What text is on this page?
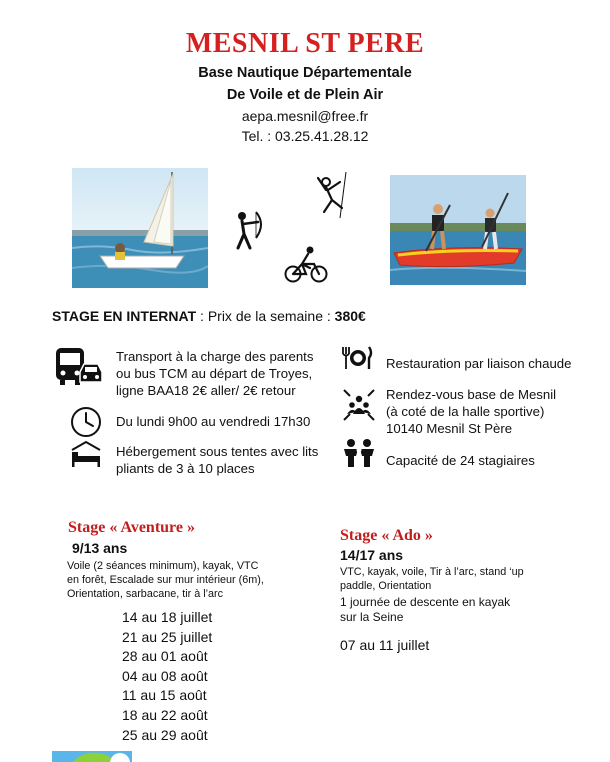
MESNIL ST PERE
Base Nautique Départementale
De Voile et de Plein Air
aepa.mesnil@free.fr
Tel. : 03.25.41.28.12
STAGE EN INTERNAT : Prix de la semaine : 380€
Transport à la charge des parents
ou bus TCM au départ de Troyes,
ligne BAA18 2€ aller/ 2€ retour
Du lundi 9h00 au vendredi 17h30
Hébergement sous tentes avec lits
pliants de 3 à 10 places
Restauration par liaison chaude
Rendez-vous base de Mesnil
(à coté de la halle sportive)
10140 Mesnil St Père
Capacité de 24 stagiaires
Stage « Aventure »
9/13 ans
Voile (2 séances minimum), kayak, VTC
en forêt, Escalade sur mur intérieur (6m),
Orientation, sarbacane, tir à l’arc
14 au 18 juillet
21 au 25 juillet
28 au 01 août
04 au 08 août
11 au 15 août
18 au 22 août
25 au 29 août
Stage « Ado »
14/17 ans
VTC, kayak, voile, Tir à l’arc, stand ‘up
paddle, Orientation
1 journée de descente en kayak
sur la Seine
07 au 11 juillet
